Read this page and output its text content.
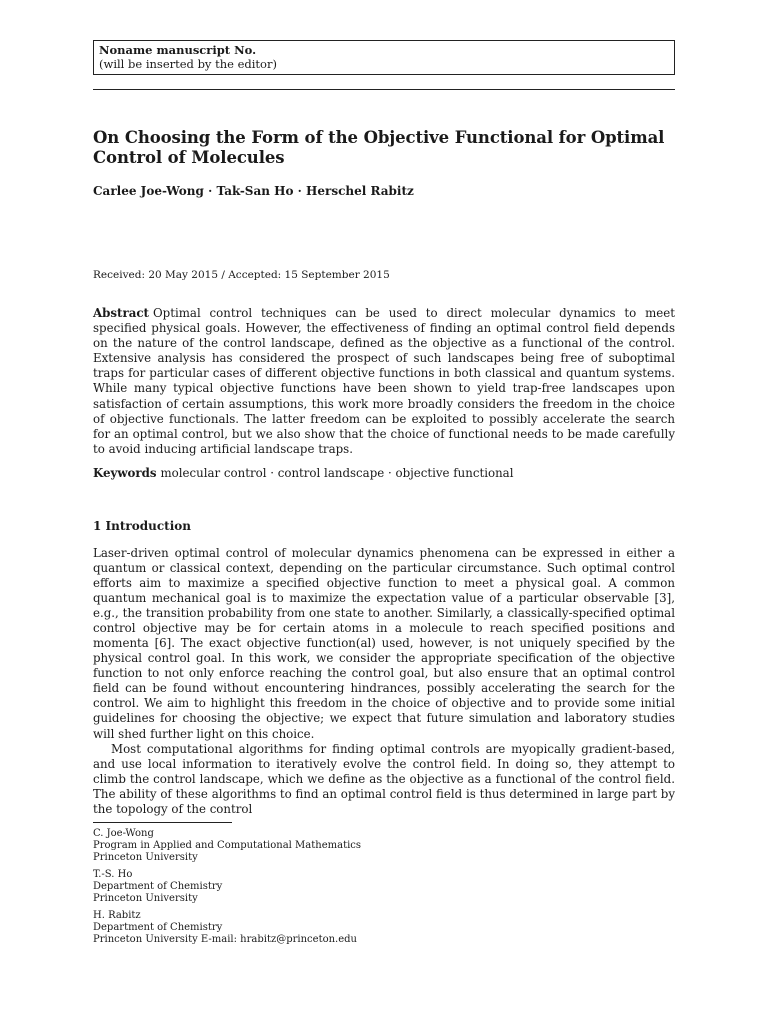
Noname manuscript No.
(will be inserted by the editor)
On Choosing the Form of the Objective Functional for Optimal Control of Molecules
Carlee Joe-Wong · Tak-San Ho · Herschel Rabitz
Received: 20 May 2015 / Accepted: 15 September 2015
Abstract Optimal control techniques can be used to direct molecular dynamics to meet specified physical goals. However, the effectiveness of finding an optimal control field depends on the nature of the control landscape, defined as the objective as a functional of the control. Extensive analysis has considered the prospect of such landscapes being free of suboptimal traps for particular cases of different objective functions in both classical and quantum systems. While many typical objective functions have been shown to yield trap-free landscapes upon satisfaction of certain assumptions, this work more broadly considers the freedom in the choice of objective functionals. The latter freedom can be exploited to possibly accelerate the search for an optimal control, but we also show that the choice of functional needs to be made carefully to avoid inducing artificial landscape traps.
Keywords molecular control · control landscape · objective functional
1 Introduction

Laser-driven optimal control of molecular dynamics phenomena can be expressed in either a quantum or classical context, depending on the particular circumstance. Such optimal control efforts aim to maximize a specified objective function to meet a physical goal. A common quantum mechanical goal is to maximize the expectation value of a particular observable [3], e.g., the transition probability from one state to another. Similarly, a classically-specified optimal control objective may be for certain atoms in a molecule to reach specified positions and momenta [6]. The exact objective function(al) used, however, is not uniquely specified by the physical control goal. In this work, we consider the appropriate specification of the objective function to not only enforce reaching the control goal, but also ensure that an optimal control field can be found without encountering hindrances, possibly accelerating the search for the control. We aim to highlight this freedom in the choice of objective and to provide some initial guidelines for choosing the objective; we expect that future simulation and laboratory studies will shed further light on this choice.

Most computational algorithms for finding optimal controls are myopically gradient-based, and use local information to iteratively evolve the control field. In doing so, they attempt to climb the control landscape, which we define as the objective as a functional of the control field. The ability of these algorithms to find an optimal control field is thus determined in large part by the topology of the control

C. Joe-Wong
Program in Applied and Computational Mathematics
Princeton University
T.-S. Ho
Department of Chemistry
Princeton University
H. Rabitz
Department of Chemistry
Princeton University E-mail: hrabitz@princeton.edu
